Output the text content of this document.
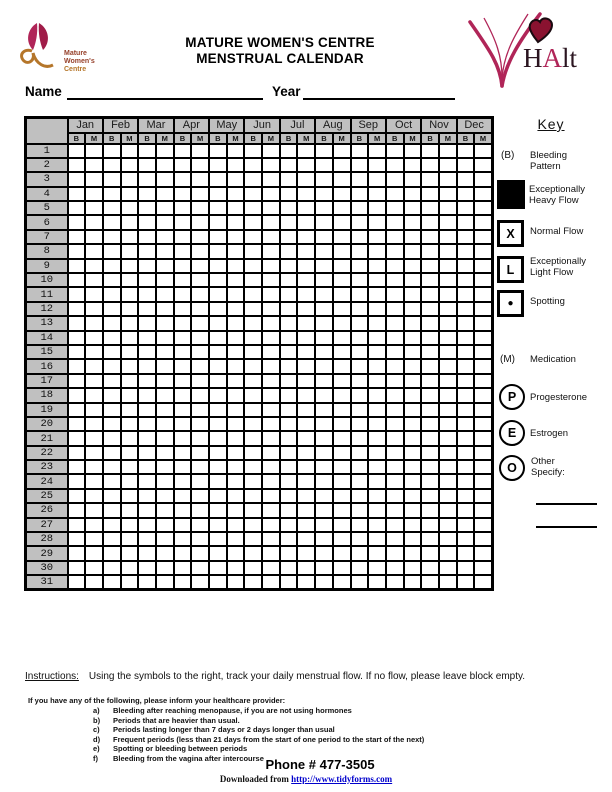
Mature
Women's
Centre
MATURE WOMEN'S CENTRE
MENSTRUAL CALENDAR	HAlt
Name	Year
	Jan		Feb		Mar		Apr		May		Jun		Jul		Aug		Sep		Oct		Nov		Dec	
	B	M	B	M	B	M	B	M	B	M	B	M	B	M	B	M	B	M	B	M	B	M	B	M
1																								
2																								
3																								
4																								
5																								
6																								
7																								
8																								
9																								
10																								
11																								
12																								
13																								
14																								
15																								
16																								
17																								
18																								
19																								
20																								
21																								
22																								
23																								
24																								
25																								
26																								
27																								
28																								
29																								
30																								
31																								
Key
(B) Bleeding Pattern
Exceptionally Heavy Flow
X Normal Flow
L
Exceptionally Light Flow
● Spotting
(M) Medication
P Progesterone
E Estrogen
O Other Specify:
Instructions: Using the symbols to the right, track your daily menstrual flow. If no flow, please leave block empty.
If you have any of the following, please inform your healthcare provider:
a) Bleeding after reaching menopause, if you are not using hormones
b) Periods that are heavier than usual.
c) Periods lasting longer than 7 days or 2 days longer than usual
d) Frequent periods (less than 21 days from the start of one period to the start of the next)
e) Spotting or bleeding between periods
f) Bleeding from the vagina after intercourse Phone # 477-3505
Downloaded from http://www.tidyforms.com
